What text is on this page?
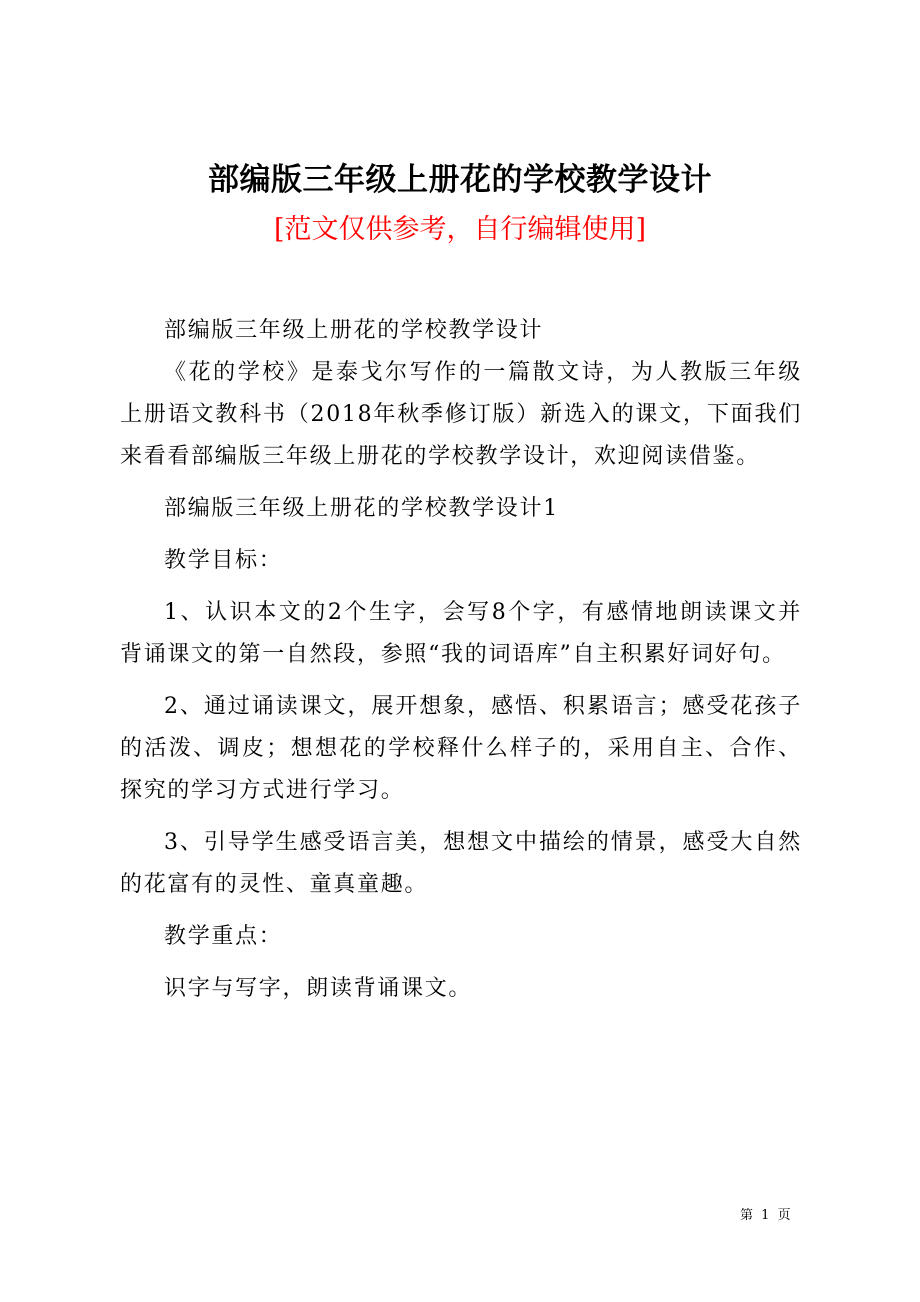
部编版三年级上册花的学校教学设计
[范文仅供参考，自行编辑使用]

部编版三年级上册花的学校教学设计

《花的学校》是泰戈尔写作的一篇散文诗，为人教版三年级上册语文教科书（2018年秋季修订版）新选入的课文，下面我们来看看部编版三年级上册花的学校教学设计，欢迎阅读借鉴。

部编版三年级上册花的学校教学设计1

教学目标：

1、认识本文的2个生字，会写8个字，有感情地朗读课文并背诵课文的第一自然段，参照“我的词语库”自主积累好词好句。

2、通过诵读课文，展开想象，感悟、积累语言；感受花孩子的活泼、调皮；想想花的学校释什么样子的，采用自主、合作、探究的学习方式进行学习。

3、引导学生感受语言美，想想文中描绘的情景，感受大自然的花富有的灵性、童真童趣。

教学重点：

识字与写字，朗读背诵课文。

第 1 页
